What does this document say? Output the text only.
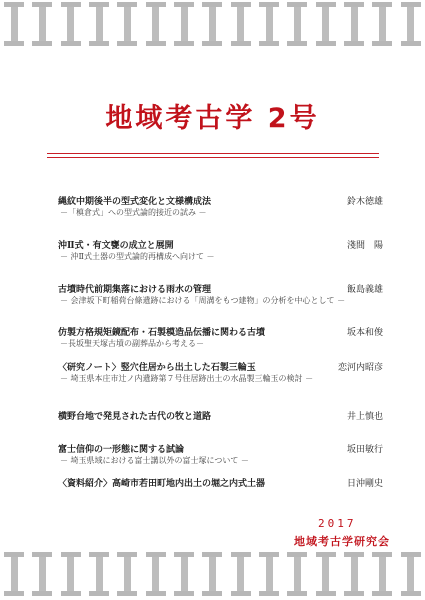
地域考古学 2号
縄紋中期後半の型式変化と文様構成法	鈴木徳雄
－「槙倉式」への型式論的接近の試み －
沖Ⅱ式・有文甕の成立と展開	淺間　陽
－ 沖Ⅱ式土器の型式論的再構成へ向けて －
古墳時代前期集落における雨水の管理	飯島義雄
－ 会津坂下町稲荷台條遺跡における「周溝をもつ建物」の分析を中心として －
仿製方格規矩鏡配布・石製模造品伝播に関わる古墳	坂本和俊
－長坂聖天塚古墳の副葬品から考える－
〈研究ノート〉竪穴住居から出土した石製三輪玉	恋河内昭彦
－ 埼玉県本庄市辻ノ内遺跡第７号住居跡出土の水晶製三輪玉の検討 －
横野台地で発見された古代の牧と道路	井上慎也
富士信仰の一形態に関する試論	坂田敏行
－ 埼玉県域における富士講以外の富士塚について －
〈資料紹介〉高崎市若田町地内出土の堀之内式土器	日沖剛史
2017
地域考古学研究会
